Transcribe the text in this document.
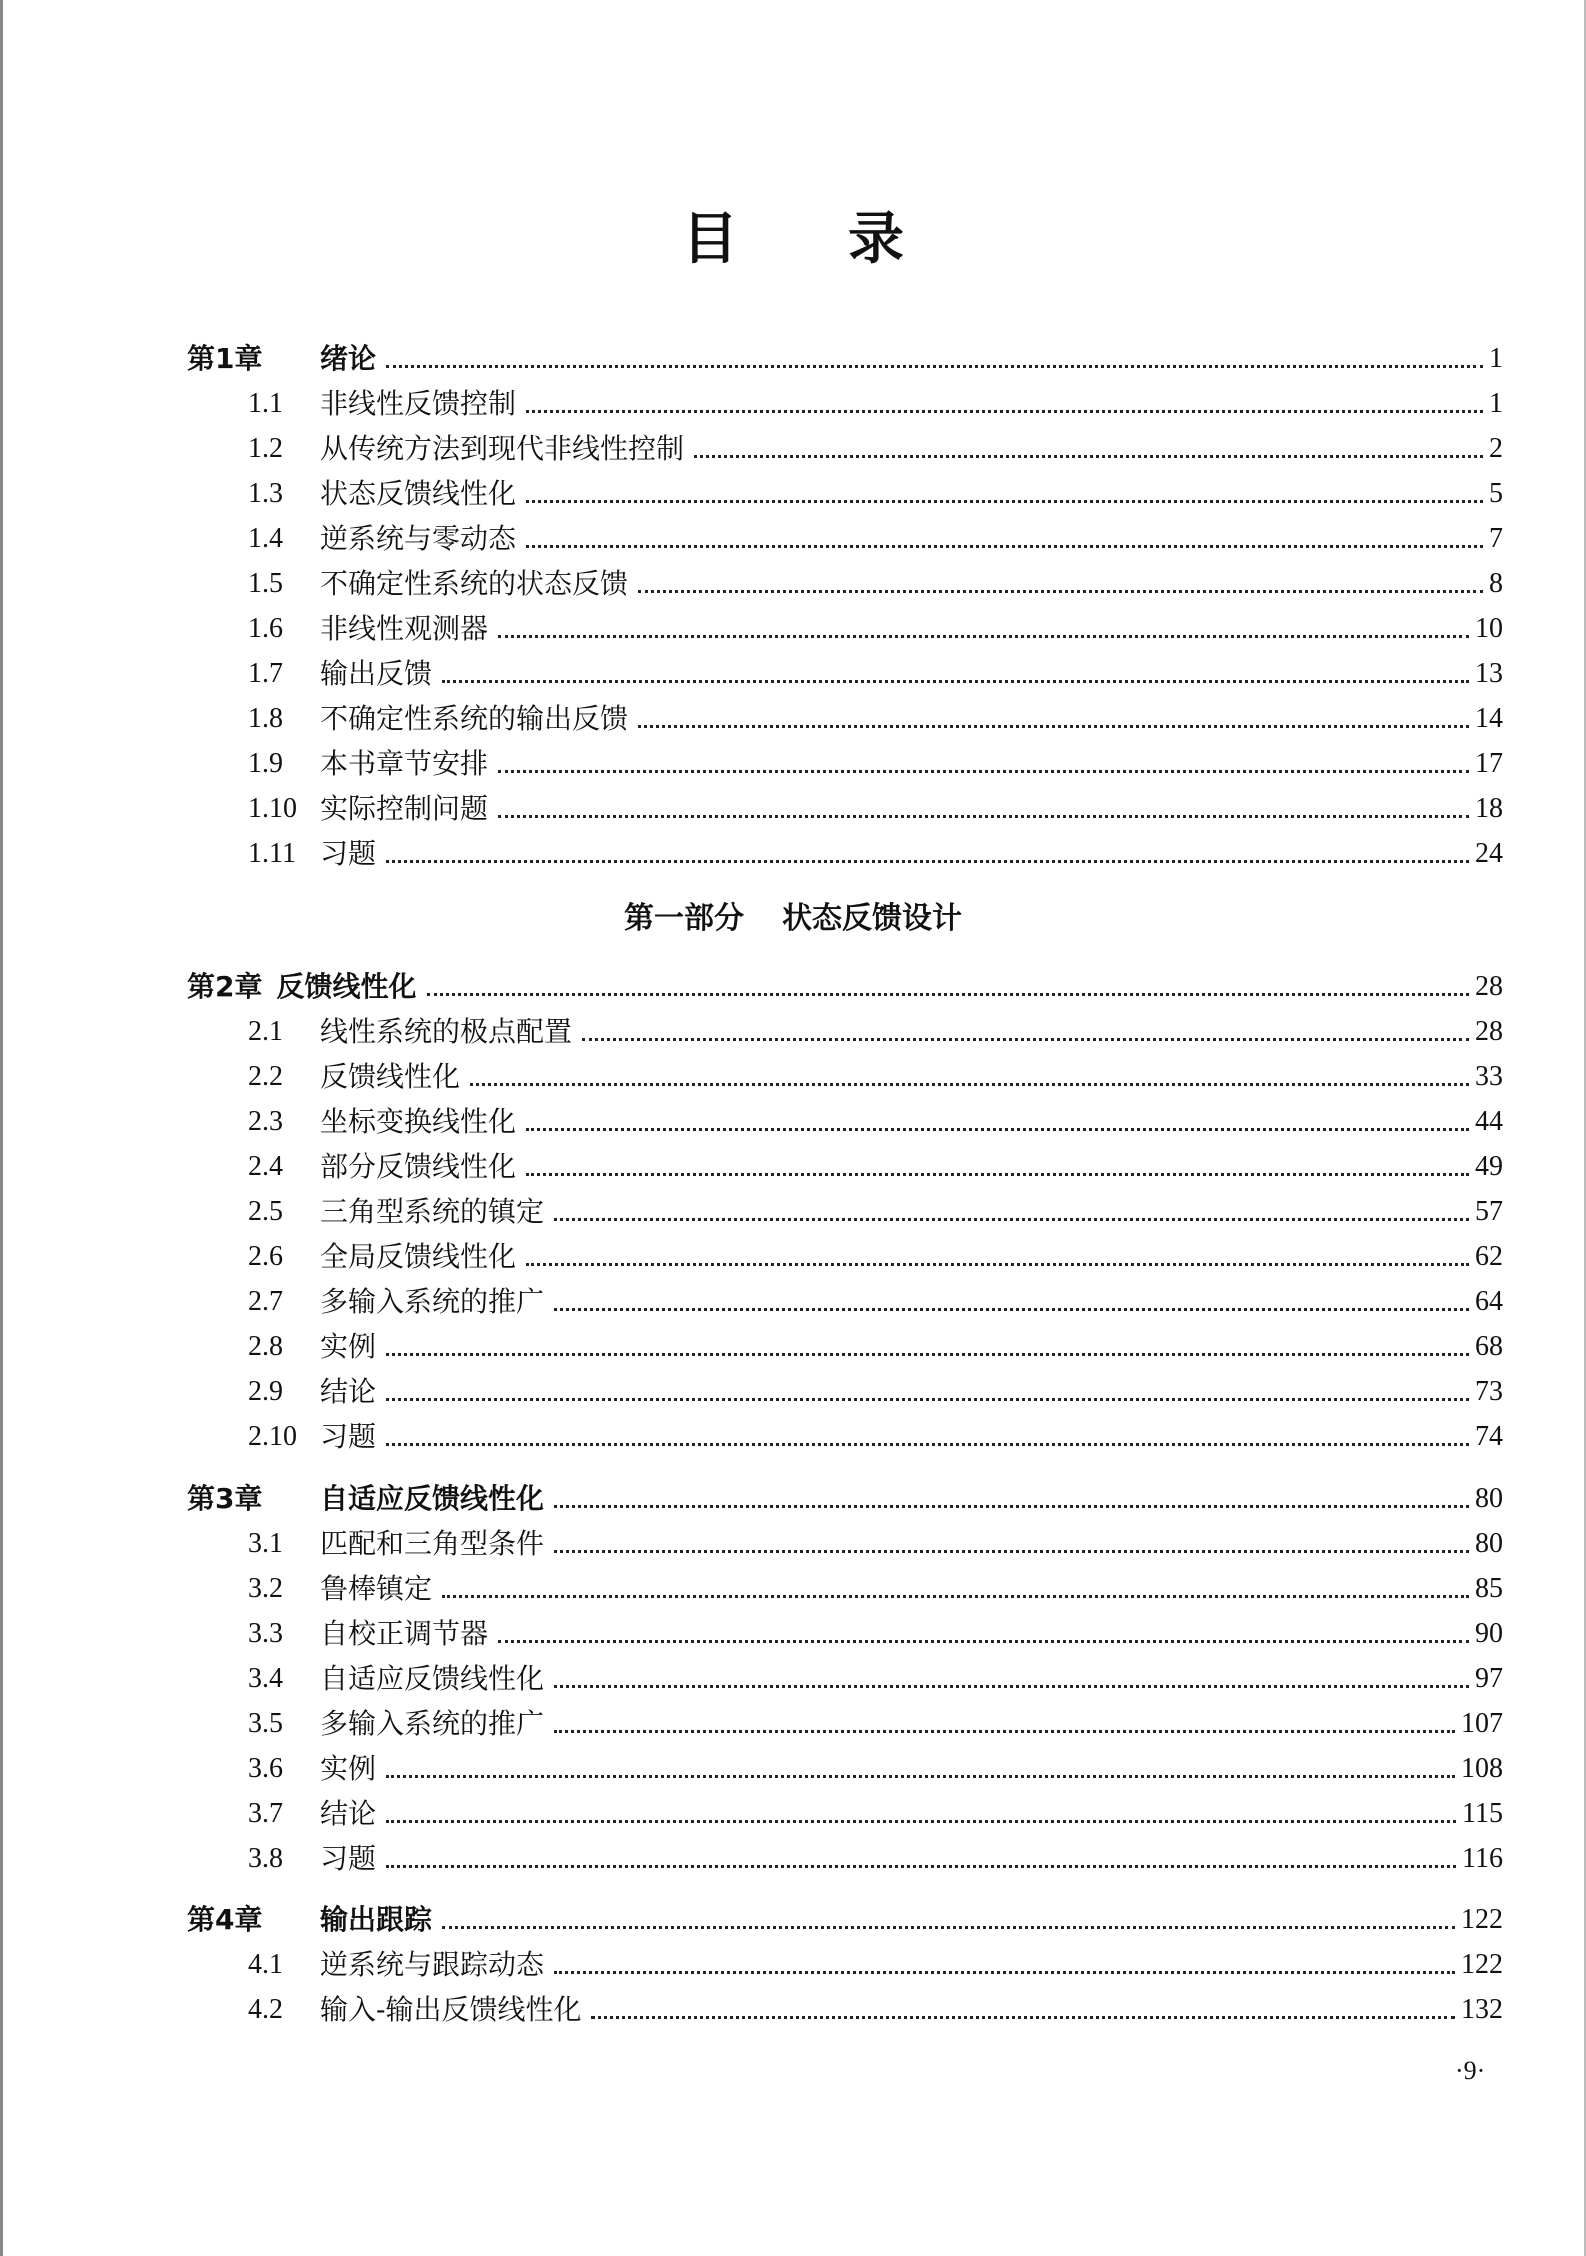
目录
第一部分 状态反馈设计
第1章	绪论	1
1.1	非线性反馈控制	1
1.2	从传统方法到现代非线性控制	2
1.3	状态反馈线性化	5
1.4	逆系统与零动态	7
1.5	不确定性系统的状态反馈	8
1.6	非线性观测器	10
1.7	输出反馈	13
1.8	不确定性系统的输出反馈	14
1.9	本书章节安排	17
1.10 实际控制问题	18
1.11 习题	24
第2章 反馈线性化	28
2.1	线性系统的极点配置	28
2.2	反馈线性化	33
2.3	坐标变换线性化	44
2.4	部分反馈线性化	49
2.5	三角型系统的镇定	57
2.6	全局反馈线性化	62
2.7	多输入系统的推广	64
2.8	实例	68
2.9	结论	73
2.10 习题	74
第3章	自适应反馈线性化	80
3.1	匹配和三角型条件	80
3.2	鲁棒镇定	85
3.3	自校正调节器	90
3.4	自适应反馈线性化	97
3.5	多输入系统的推广	107
3.6	实例	108
3.7	结论	115
3.8	习题	116
第4章	输出跟踪	122
4.1	逆系统与跟踪动态	122
4.2	输入-输出反馈线性化	132
·9·
